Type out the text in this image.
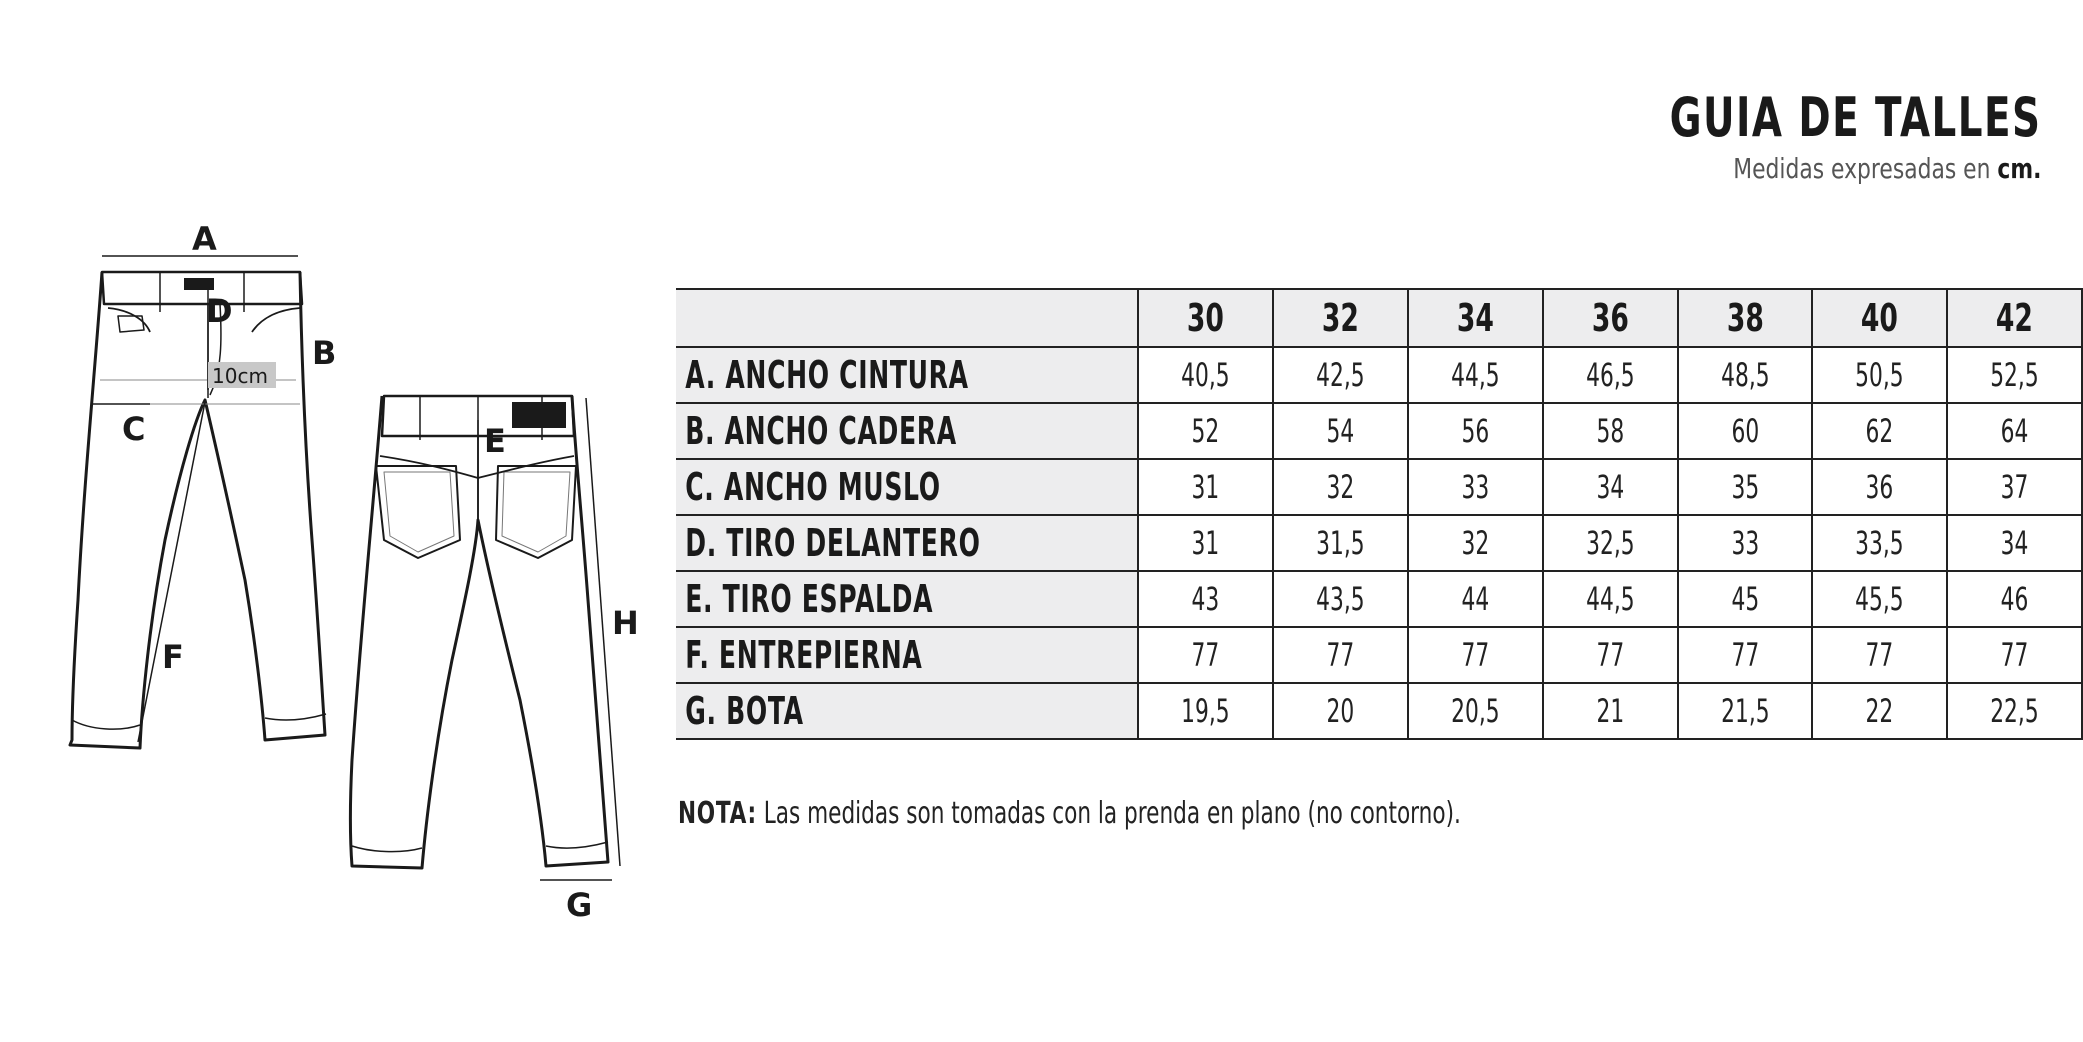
GUIA DE TALLES
Medidas expresadas en cm.
10cm
A
B
C
D
F
E
H
G

	30	32	34	36	38	40	42

A. ANCHO CINTURA	40,5	42,5	44,5	46,5	48,5	50,5	52,5

B. ANCHO CADERA	52	54	56	58	60	62	64

C. ANCHO MUSLO	31	32	33	34	35	36	37

D. TIRO DELANTERO	31	31,5	32	32,5	33	33,5	34

E. TIRO ESPALDA	43	43,5	44	44,5	45	45,5	46

F. ENTREPIERNA	77	77	77	77	77	77	77

G. BOTA	19,5	20	20,5	21	21,5	22	22,5
NOTA: Las medidas son tomadas con la prenda en plano (no contorno).
